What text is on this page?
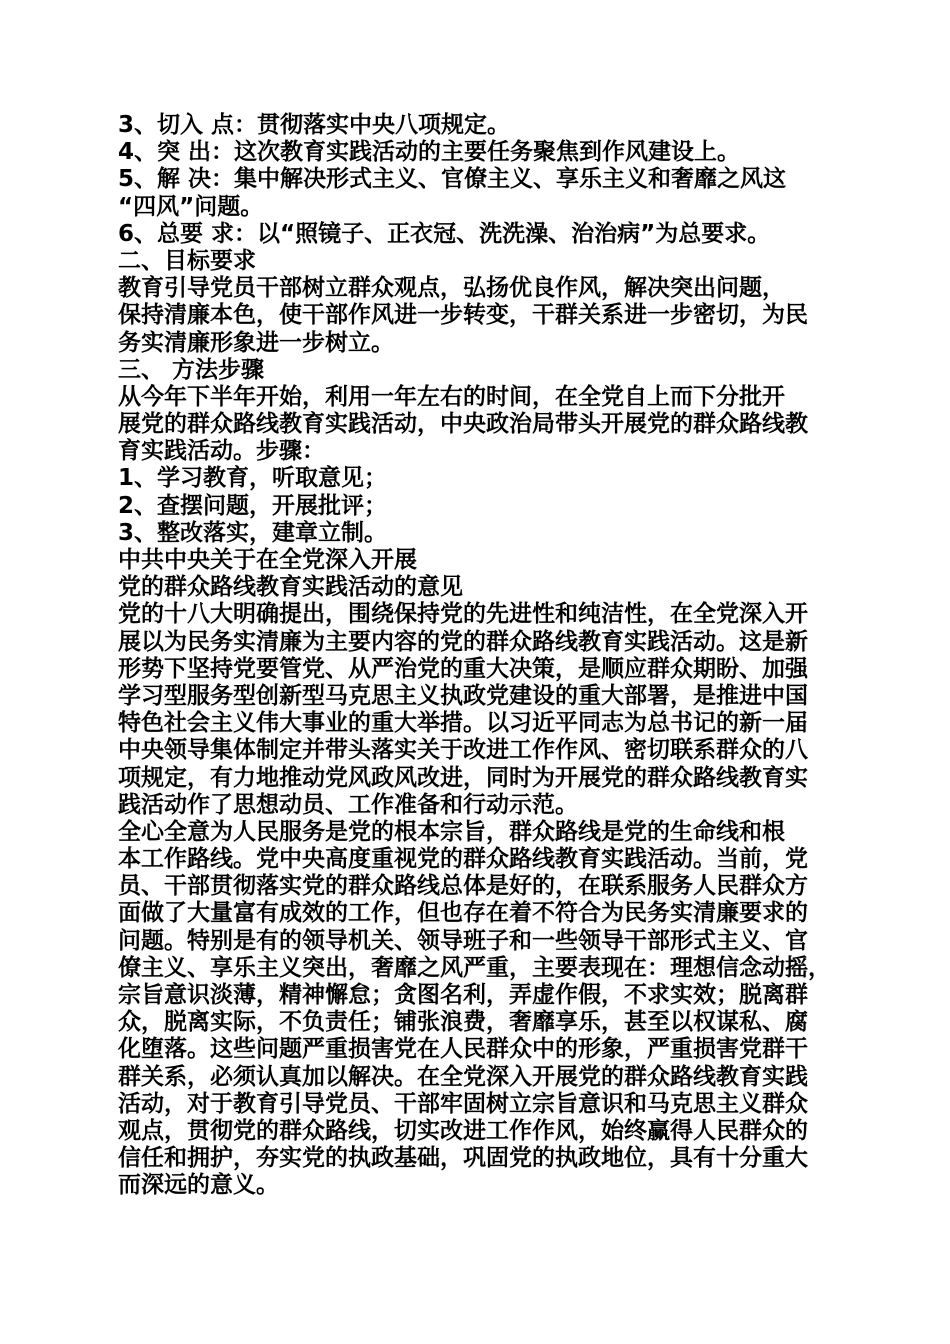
3、切入 点：贯彻落实中央八项规定。
4、突 出：这次教育实践活动的主要任务聚焦到作风建设上。
5、解 决：集中解决形式主义、官僚主义、享乐主义和奢靡之风这
“四风”问题。
6、总要 求：以“照镜子、正衣冠、洗洗澡、治治病”为总要求。
二、目标要求
教育引导党员干部树立群众观点，弘扬优良作风，解决突出问题，
保持清廉本色，使干部作风进一步转变，干群关系进一步密切，为民
务实清廉形象进一步树立。
三、 方法步骤
从今年下半年开始，利用一年左右的时间，在全党自上而下分批开
展党的群众路线教育实践活动，中央政治局带头开展党的群众路线教
育实践活动。步骤：
1、学习教育，听取意见；
2、查摆问题，开展批评；
3、整改落实，建章立制。
中共中央关于在全党深入开展
党的群众路线教育实践活动的意见
党的十八大明确提出，围绕保持党的先进性和纯洁性，在全党深入开
展以为民务实清廉为主要内容的党的群众路线教育实践活动。这是新
形势下坚持党要管党、从严治党的重大决策，是顺应群众期盼、加强
学习型服务型创新型马克思主义执政党建设的重大部署，是推进中国
特色社会主义伟大事业的重大举措。以习近平同志为总书记的新一届
中央领导集体制定并带头落实关于改进工作作风、密切联系群众的八
项规定，有力地推动党风政风改进，同时为开展党的群众路线教育实
践活动作了思想动员、工作准备和行动示范。
全心全意为人民服务是党的根本宗旨，群众路线是党的生命线和根
本工作路线。党中央高度重视党的群众路线教育实践活动。当前，党
员、干部贯彻落实党的群众路线总体是好的，在联系服务人民群众方
面做了大量富有成效的工作，但也存在着不符合为民务实清廉要求的
问题。特别是有的领导机关、领导班子和一些领导干部形式主义、官
僚主义、享乐主义突出，奢靡之风严重，主要表现在：理想信念动摇，
宗旨意识淡薄，精神懈怠；贪图名利，弄虚作假，不求实效；脱离群
众，脱离实际，不负责任；铺张浪费，奢靡享乐，甚至以权谋私、腐
化堕落。这些问题严重损害党在人民群众中的形象，严重损害党群干
群关系，必须认真加以解决。在全党深入开展党的群众路线教育实践
活动，对于教育引导党员、干部牢固树立宗旨意识和马克思主义群众
观点，贯彻党的群众路线，切实改进工作作风，始终赢得人民群众的
信任和拥护，夯实党的执政基础，巩固党的执政地位，具有十分重大
而深远的意义。
